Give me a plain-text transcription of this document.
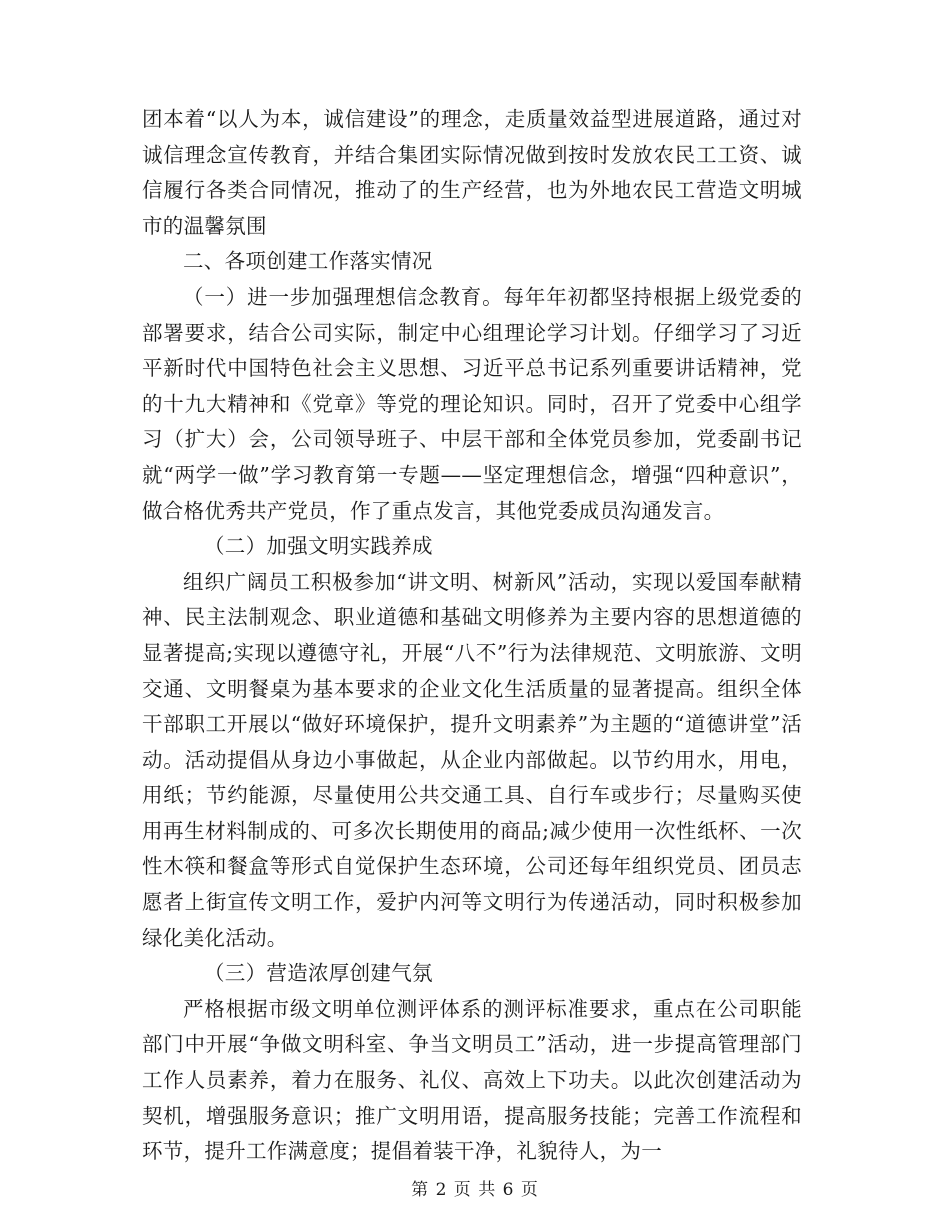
团本着“以人为本，诚信建设”的理念，走质量效益型进展道路，通过对诚信理念宣传教育，并结合集团实际情况做到按时发放农民工工资、诚信履行各类合同情况，推动了的生产经营，也为外地农民工营造文明城市的温馨氛围

二、各项创建工作落实情况

（一）进一步加强理想信念教育。每年年初都坚持根据上级党委的部署要求，结合公司实际，制定中心组理论学习计划。仔细学习了习近平新时代中国特色社会主义思想、习近平总书记系列重要讲话精神，党的十九大精神和《党章》等党的理论知识。同时，召开了党委中心组学习（扩大）会，公司领导班子、中层干部和全体党员参加，党委副书记就“两学一做”学习教育第一专题——坚定理想信念，增强“四种意识”，做合格优秀共产党员，作了重点发言，其他党委成员沟通发言。

（二）加强文明实践养成

组织广阔员工积极参加“讲文明、树新风”活动，实现以爱国奉献精神、民主法制观念、职业道德和基础文明修养为主要内容的思想道德的显著提高;实现以遵德守礼，开展“八不”行为法律规范、文明旅游、文明交通、文明餐桌为基本要求的企业文化生活质量的显著提高。组织全体干部职工开展以“做好环境保护，提升文明素养”为主题的“道德讲堂”活动。活动提倡从身边小事做起，从企业内部做起。以节约用水，用电，用纸；节约能源，尽量使用公共交通工具、自行车或步行；尽量购买使用再生材料制成的、可多次长期使用的商品;减少使用一次性纸杯、一次性木筷和餐盒等形式自觉保护生态环境，公司还每年组织党员、团员志愿者上街宣传文明工作，爱护内河等文明行为传递活动，同时积极参加绿化美化活动。

（三）营造浓厚创建气氛

严格根据市级文明单位测评体系的测评标准要求，重点在公司职能部门中开展“争做文明科室、争当文明员工”活动，进一步提高管理部门工作人员素养，着力在服务、礼仪、高效上下功夫。以此次创建活动为契机，增强服务意识；推广文明用语，提高服务技能；完善工作流程和环节，提升工作满意度；提倡着装干净，礼貌待人，为一

第 2 页 共 6 页
